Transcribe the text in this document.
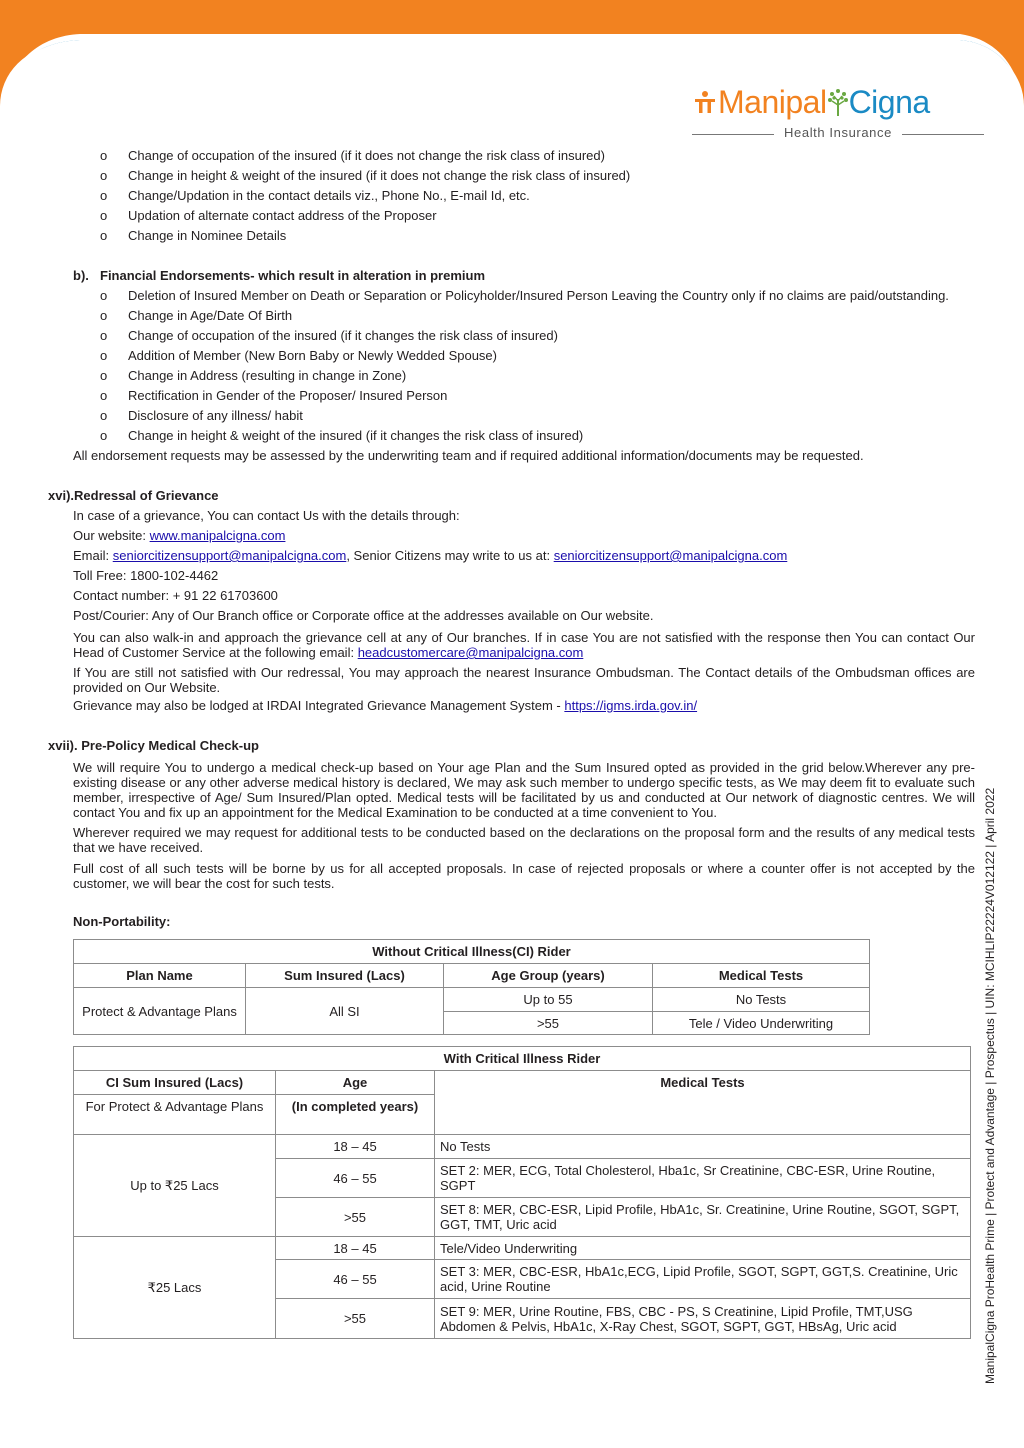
Manipal Cigna
Health Insurance
o Change of occupation of the insured (if it does not change the risk class of insured)
o Change in height & weight of the insured (if it does not change the risk class of insured)
o Change/Updation in the contact details viz., Phone No., E-mail Id, etc.
o Updation of alternate contact address of the Proposer
o Change in Nominee Details
b). Financial Endorsements- which result in alteration in premium
o Deletion of Insured Member on Death or Separation or Policyholder/Insured Person Leaving the Country only if no claims are paid/outstanding.
o Change in Age/Date Of Birth
o Change of occupation of the insured (if it changes the risk class of insured)
o Addition of Member (New Born Baby or Newly Wedded Spouse)
o Change in Address (resulting in change in Zone)
o Rectification in Gender of the Proposer/ Insured Person
o Disclosure of any illness/ habit
o Change in height & weight of the insured (if it changes the risk class of insured)
All endorsement requests may be assessed by the underwriting team and if required additional information/documents may be requested.
xvi).Redressal of Grievance
In case of a grievance, You can contact Us with the details through:
Our website: www.manipalcigna.com
Email: seniorcitizensupport@manipalcigna.com, Senior Citizens may write to us at: seniorcitizensupport@manipalcigna.com
Toll Free: 1800-102-4462
Contact number: + 91 22 61703600
Post/Courier: Any of Our Branch office or Corporate office at the addresses available on Our website.
You can also walk-in and approach the grievance cell at any of Our branches. If in case You are not satisfied with the response then You can contact Our Head of Customer Service at the following email: headcustomercare@manipalcigna.com
If You are still not satisfied with Our redressal, You may approach the nearest Insurance Ombudsman. The Contact details of the Ombudsman offices are provided on Our Website.
Grievance may also be lodged at IRDAI Integrated Grievance Management System - https://igms.irda.gov.in/
xvii). Pre-Policy Medical Check-up
We will require You to undergo a medical check-up based on Your age Plan and the Sum Insured opted as provided in the grid below.Wherever any pre-existing disease or any other adverse medical history is declared, We may ask such member to undergo specific tests, as We may deem fit to evaluate such member, irrespective of Age/ Sum Insured/Plan opted. Medical tests will be facilitated by us and conducted at Our network of diagnostic centres. We will contact You and fix up an appointment for the Medical Examination to be conducted at a time convenient to You.
Wherever required we may request for additional tests to be conducted based on the declarations on the proposal form and the results of any medical tests that we have received.
Full cost of all such tests will be borne by us for all accepted proposals. In case of rejected proposals or where a counter offer is not accepted by the customer, we will bear the cost for such tests.
Non-Portability:
Without Critical Illness(CI) Rider			
Plan Name	Sum Insured (Lacs)	Age Group (years)	Medical Tests
Protect & Advantage Plans	All SI	Up to 55	No Tests
		>55	Tele / Video Underwriting
With Critical Illness Rider		
CI Sum Insured (Lacs)	Age	Medical Tests
For Protect & Advantage Plans	(In completed years)	
Up to ₹25 Lacs	18 – 45	No Tests
	46 – 55	SET 2: MER, ECG, Total Cholesterol, Hba1c, Sr Creatinine, CBC-ESR, Urine Routine, SGPT
	>55	SET 8: MER, CBC-ESR, Lipid Profile, HbA1c, Sr. Creatinine, Urine Routine, SGOT, SGPT, GGT, TMT, Uric acid
₹25 Lacs	18 – 45	Tele/Video Underwriting
	46 – 55	SET 3: MER, CBC-ESR, HbA1c,ECG, Lipid Profile, SGOT, SGPT, GGT,S. Creatinine, Uric acid, Urine Routine
	>55	SET 9: MER, Urine Routine, FBS, CBC - PS, S Creatinine, Lipid Profile, TMT,USG Abdomen & Pelvis, HbA1c, X-Ray Chest, SGOT, SGPT, GGT, HBsAg, Uric acid	ManipalCigna ProHealth Prime | Protect and Advantage | Prospectus | UIN: MCIHLIP22224V012122 | April 2022
